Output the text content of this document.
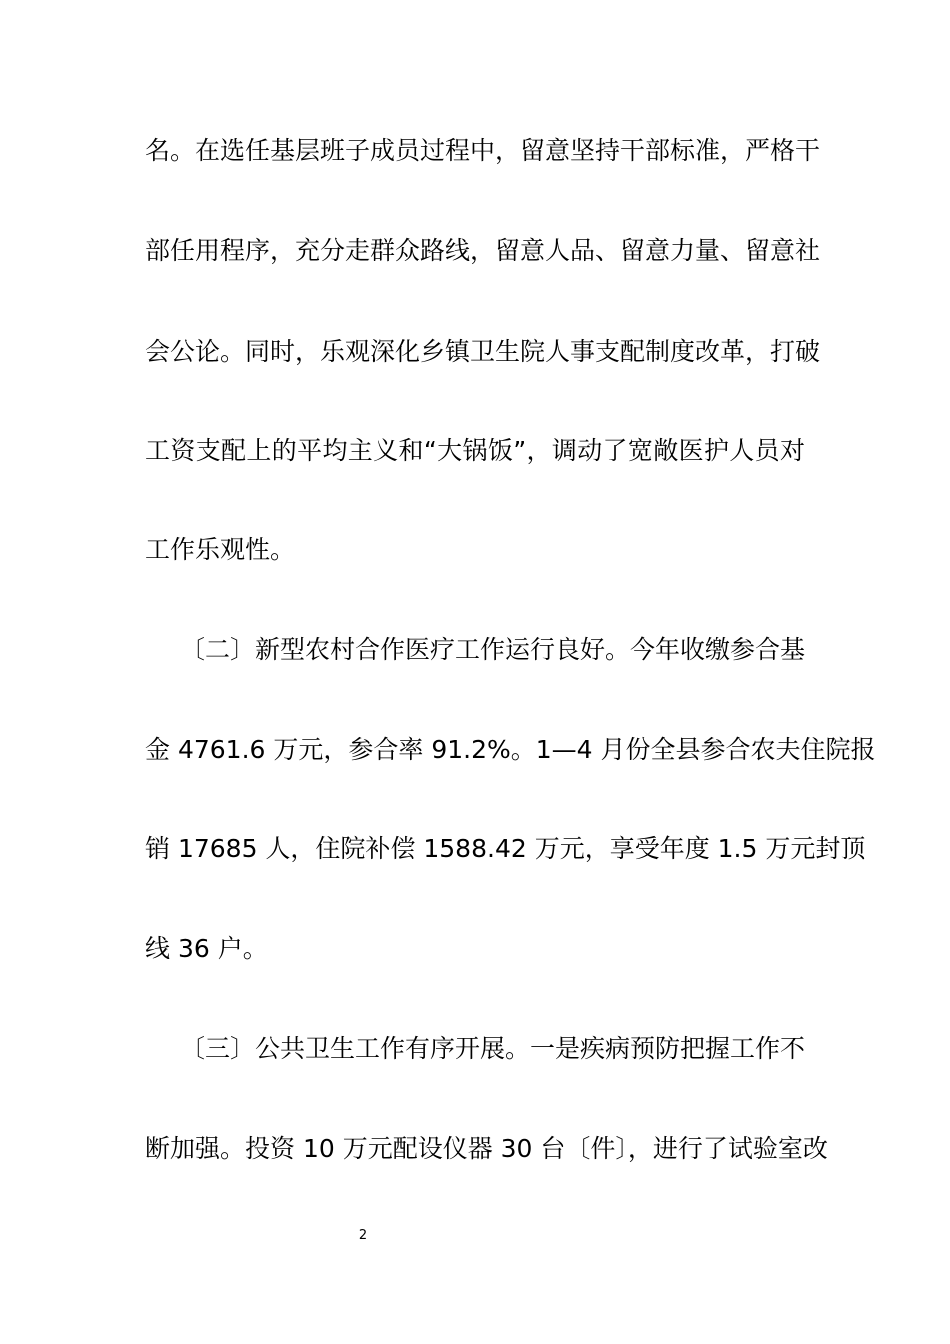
名。在选任基层班子成员过程中，留意坚持干部标准，严格干
部任用程序，充分走群众路线，留意人品、留意力量、留意社
会公论。同时，乐观深化乡镇卫生院人事支配制度改革，打破
工资支配上的平均主义和“大锅饭”，调动了宽敞医护人员对
工作乐观性。
〔二〕新型农村合作医疗工作运行良好。今年收缴参合基
金 4761.6 万元，参合率 91.2%。1—4 月份全县参合农夫住院报
销 17685 人，住院补偿 1588.42 万元，享受年度 1.5 万元封顶
线 36 户。
〔三〕公共卫生工作有序开展。一是疾病预防把握工作不
断加强。投资 10 万元配设仪器 30 台〔件〕，进行了试验室改
2
